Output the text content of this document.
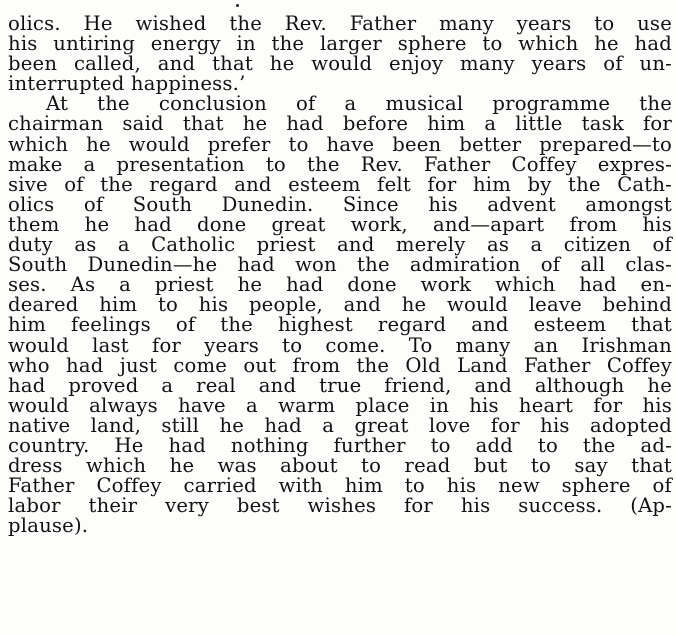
olics. He wished the Rev. Father many years to use
his untiring energy in the larger sphere to which he had
been called, and that he would enjoy many years of un-
interrupted happiness.’
At the conclusion of a musical programme the
chairman said that he had before him a little task for
which he would prefer to have been better prepared—to
make a presentation to the Rev. Father Coffey expres-
sive of the regard and esteem felt for him by the Cath-
olics of South Dunedin. Since his advent amongst
them he had done great work, and—apart from his
duty as a Catholic priest and merely as a citizen of
South Dunedin—he had won the admiration of all clas-
ses. As a priest he had done work which had en-
deared him to his people, and he would leave behind
him feelings of the highest regard and esteem that
would last for years to come. To many an Irishman
who had just come out from the Old Land Father Coffey
had proved a real and true friend, and although he
would always have a warm place in his heart for his
native land, still he had a great love for his adopted
country. He had nothing further to add to the ad-
dress which he was about to read but to say that
Father Coffey carried with him to his new sphere of
labor their very best wishes for his success. (Ap-
plause).
